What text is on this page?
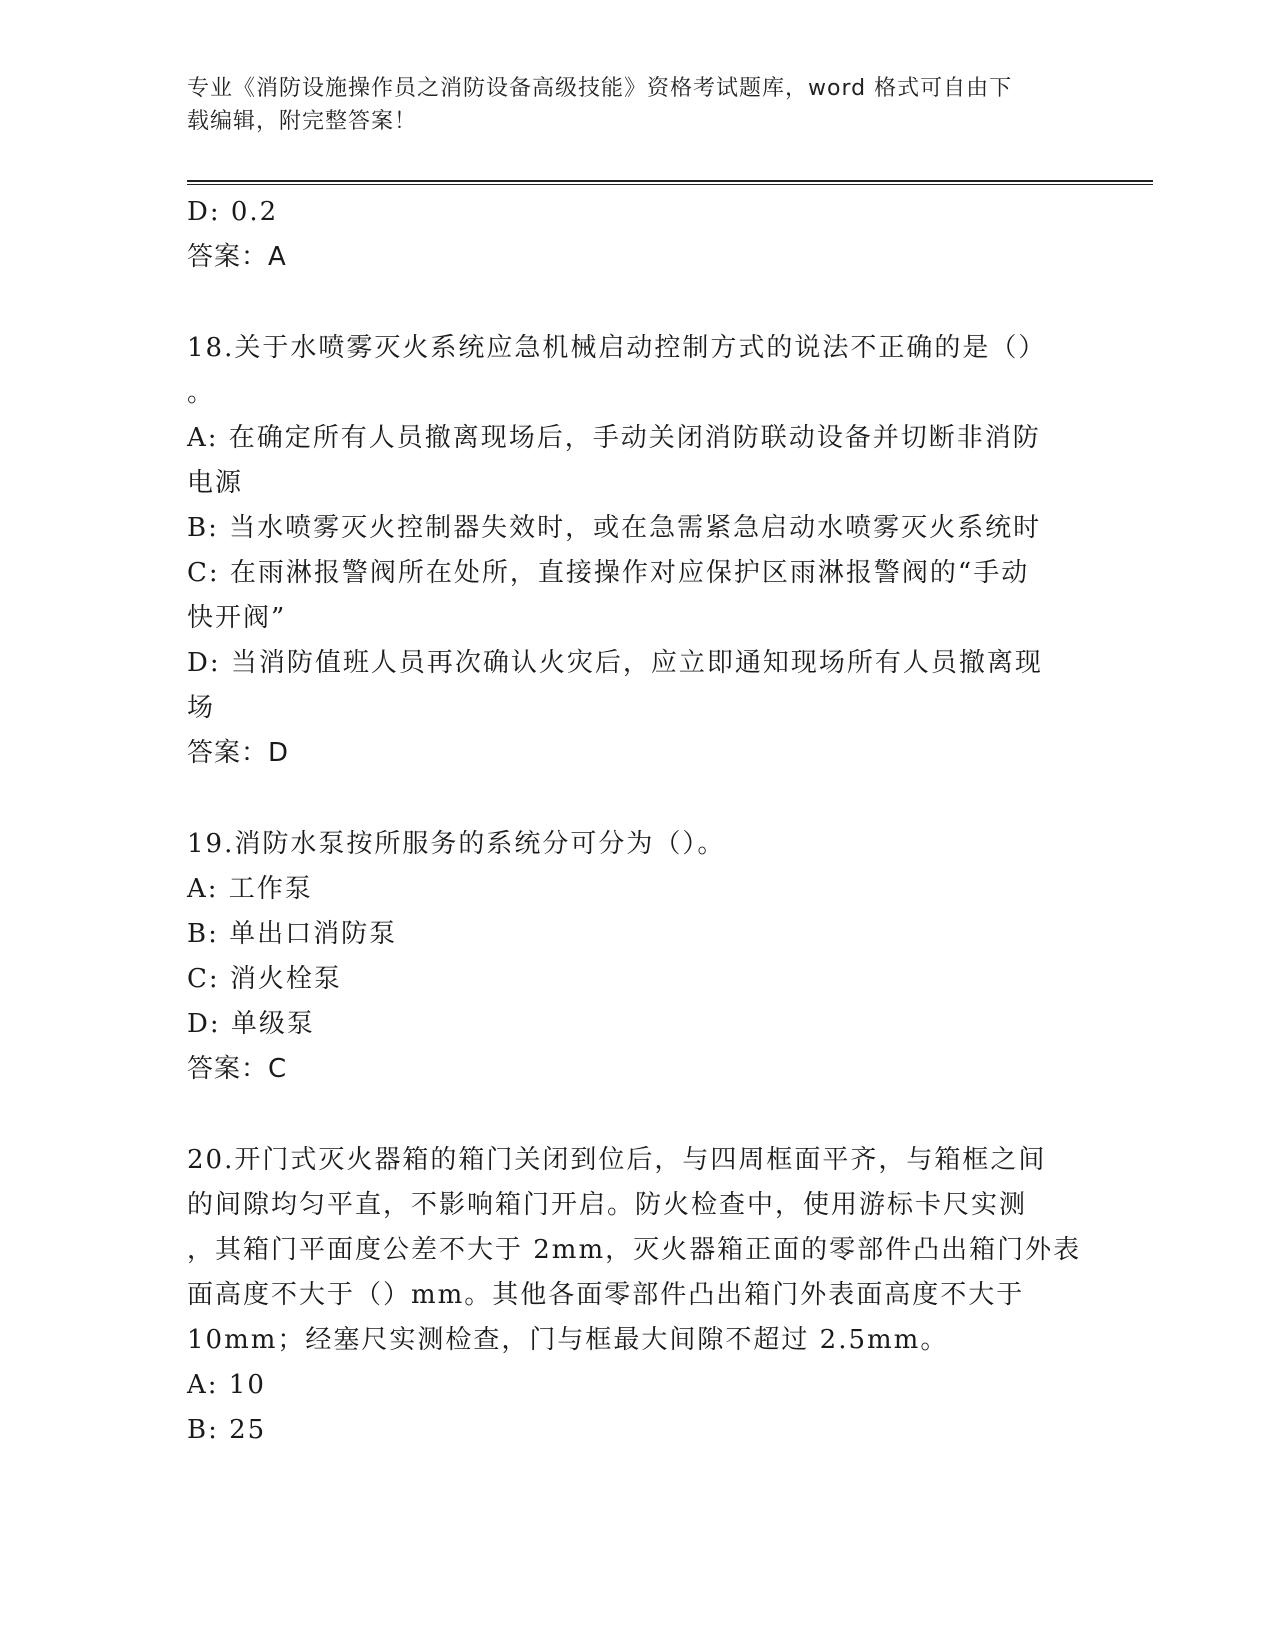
专业《消防设施操作员之消防设备高级技能》资格考试题库，word 格式可自由下
载编辑，附完整答案！

D: 0.2

答案：A

18.关于水喷雾灭火系统应急机械启动控制方式的说法不正确的是（）

。

A: 在确定所有人员撤离现场后，手动关闭消防联动设备并切断非消防

电源

B: 当水喷雾灭火控制器失效时，或在急需紧急启动水喷雾灭火系统时

C: 在雨淋报警阀所在处所，直接操作对应保护区雨淋报警阀的“手动

快开阀”

D: 当消防值班人员再次确认火灾后，应立即通知现场所有人员撤离现

场

答案：D

19.消防水泵按所服务的系统分可分为（）。

A: 工作泵

B: 单出口消防泵

C: 消火栓泵

D: 单级泵

答案：C

20.开门式灭火器箱的箱门关闭到位后，与四周框面平齐，与箱框之间

的间隙均匀平直，不影响箱门开启。防火检查中，使用游标卡尺实测

，其箱门平面度公差不大于 2mm，灭火器箱正面的零部件凸出箱门外表

面高度不大于（）mm。其他各面零部件凸出箱门外表面高度不大于

10mm；经塞尺实测检查，门与框最大间隙不超过 2.5mm。

A: 10

B: 25
